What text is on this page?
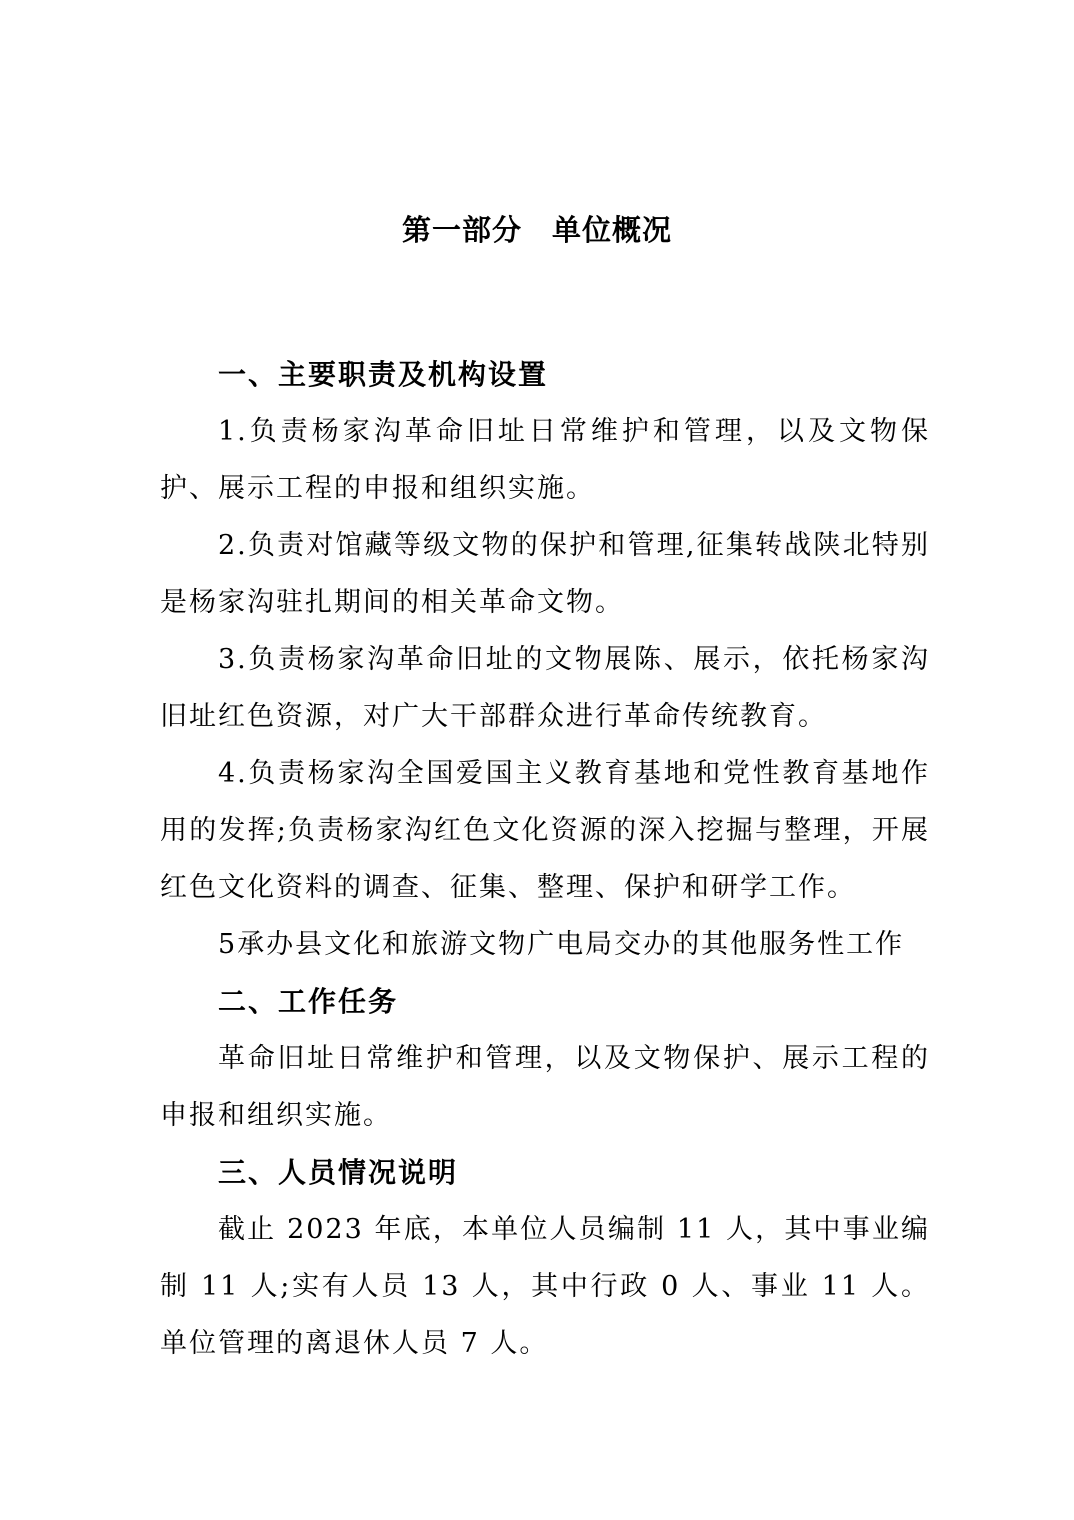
第一部分　单位概况
一、主要职责及机构设置

1.负责杨家沟革命旧址日常维护和管理，以及文物保护、展示工程的申报和组织实施。

2.负责对馆藏等级文物的保护和管理,征集转战陕北特别是杨家沟驻扎期间的相关革命文物。

3.负责杨家沟革命旧址的文物展陈、展示，依托杨家沟旧址红色资源，对广大干部群众进行革命传统教育。

4.负责杨家沟全国爱国主义教育基地和党性教育基地作用的发挥;负责杨家沟红色文化资源的深入挖掘与整理，开展红色文化资料的调查、征集、整理、保护和研学工作。

5承办县文化和旅游文物广电局交办的其他服务性工作

二、工作任务

革命旧址日常维护和管理，以及文物保护、展示工程的申报和组织实施。

三、人员情况说明

截止 2023 年底，本单位人员编制 11 人，其中事业编制 11 人;实有人员 13 人，其中行政 0 人、事业 11 人。单位管理的离退休人员 7 人。
